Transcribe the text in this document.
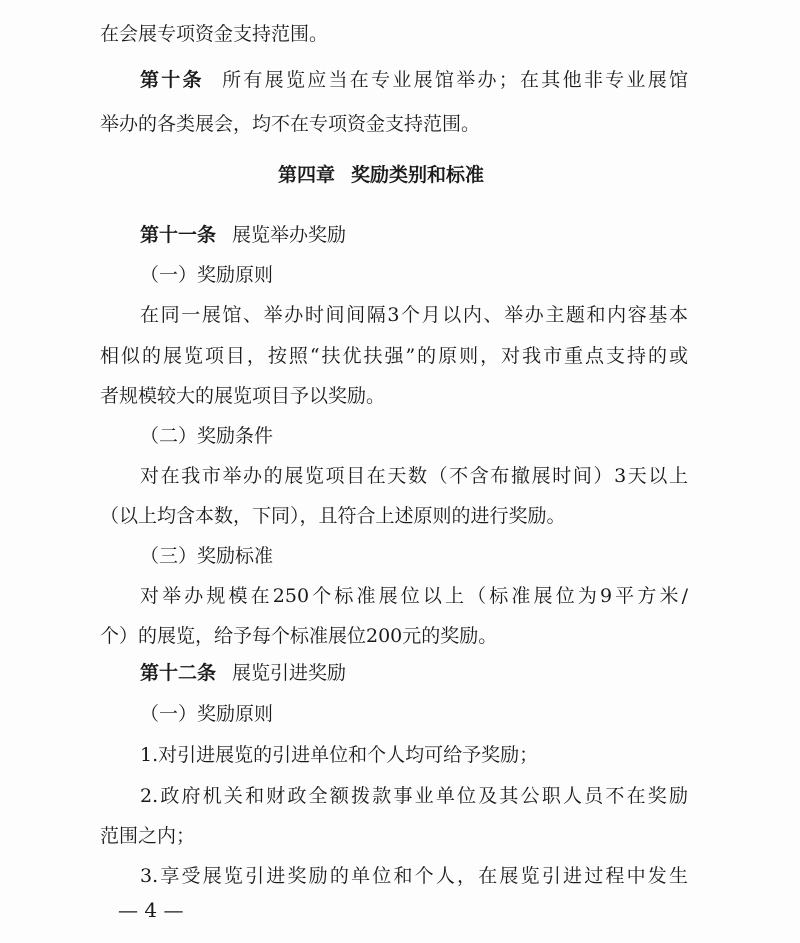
在会展专项资金支持范围。
第十条 所有展览应当在专业展馆举办；在其他非专业展馆
举办的各类展会，均不在专项资金支持范围。
第四章 奖励类别和标准
第十一条 展览举办奖励
（一）奖励原则
在同一展馆、举办时间间隔3个月以内、举办主题和内容基本
相似的展览项目，按照“扶优扶强”的原则，对我市重点支持的或
者规模较大的展览项目予以奖励。
（二）奖励条件
对在我市举办的展览项目在天数（不含布撤展时间）3天以上
（以上均含本数，下同），且符合上述原则的进行奖励。
（三）奖励标准
对举办规模在250个标准展位以上（标准展位为9平方米/
个）的展览，给予每个标准展位200元的奖励。
第十二条 展览引进奖励
（一）奖励原则
1.对引进展览的引进单位和个人均可给予奖励；
2.政府机关和财政全额拨款事业单位及其公职人员不在奖励
范围之内；
3.享受展览引进奖励的单位和个人，在展览引进过程中发生
— 4 —
